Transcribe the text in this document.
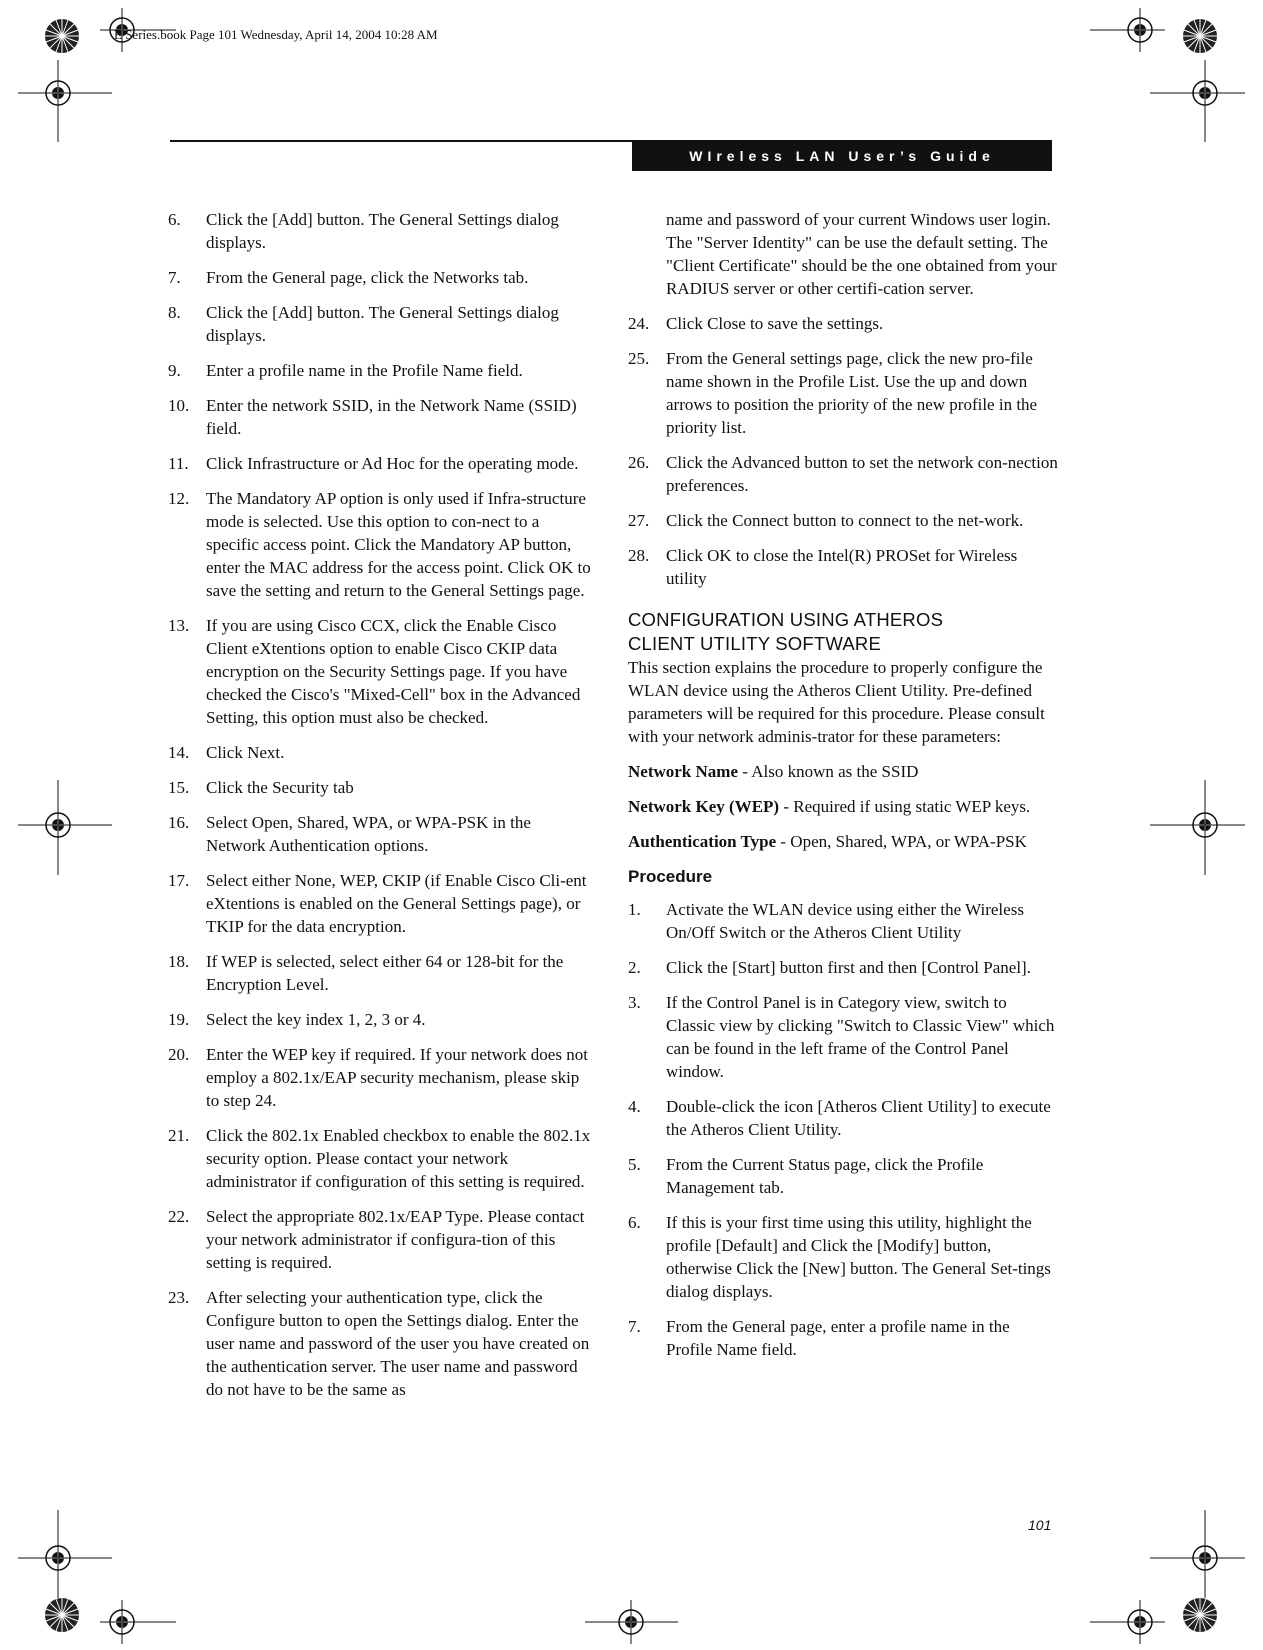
E Series.book Page 101 Wednesday, April 14, 2004 10:28 AM
WIreless LAN User’s Guide
6.	Click the [Add] button. The General Settings dialog displays.
7.	From the General page, click the Networks tab.
8.	Click the [Add] button. The General Settings dialog displays.
9.	Enter a profile name in the Profile Name field.
10. Enter the network SSID, in the Network Name (SSID) field.
11.	Click Infrastructure or Ad Hoc for the operating mode.
12. The Mandatory AP option is only used if Infra-structure mode is selected. Use this option to con-nect to a specific access point. Click the Mandatory AP button, enter the MAC address for the access point. Click OK to save the setting and return to the General Settings page.
13. If you are using Cisco CCX, click the Enable Cisco Client eXtentions option to enable Cisco CKIP data encryption on the Security Settings page. If you have checked the Cisco's "Mixed-Cell" box in the Advanced Setting, this option must also be checked.
14. Click Next.
15. Click the Security tab
16. Select Open, Shared, WPA, or WPA-PSK in the Network Authentication options.
17. Select either None, WEP, CKIP (if Enable Cisco Cli-ent eXtentions is enabled on the General Settings page), or TKIP for the data encryption.
18. If WEP is selected, select either 64 or 128-bit for the Encryption Level.
19. Select the key index 1, 2, 3 or 4.
20. Enter the WEP key if required. If your network does not employ a 802.1x/EAP security mechanism, please skip to step 24.
21. Click the 802.1x Enabled checkbox to enable the 802.1x security option. Please contact your network administrator if configuration of this setting is required.
22. Select the appropriate 802.1x/EAP Type. Please contact your network administrator if configura-tion of this setting is required.
23. After selecting your authentication type, click the Configure button to open the Settings dialog. Enter the user name and password of the user you have created on the authentication server. The user name and password do not have to be the same as
name and password of your current Windows user login. The "Server Identity" can be use the default setting. The "Client Certificate" should be the one obtained from your RADIUS server or other certifi-cation server.
24. Click Close to save the settings.
25. From the General settings page, click the new pro-file name shown in the Profile List. Use the up and down arrows to position the priority of the new profile in the priority list.
26. Click the Advanced button to set the network con-nection preferences.
27. Click the Connect button to connect to the net-work.
28. Click OK to close the Intel(R) PROSet for Wireless utility
CONFIGURATION USING ATHEROS
CLIENT UTILITY SOFTWARE
This section explains the procedure to properly configure the WLAN device using the Atheros Client Utility. Pre-defined parameters will be required for this procedure. Please consult with your network adminis-trator for these parameters:
Network Name - Also known as the SSID
Network Key (WEP) - Required if using static WEP keys.
Authentication Type - Open, Shared, WPA, or WPA-PSK
Procedure
1.	Activate the WLAN device using either the Wireless On/Off Switch or the Atheros Client Utility
2.	Click the [Start] button first and then [Control Panel].
3.	If the Control Panel is in Category view, switch to Classic view by clicking "Switch to Classic View" which can be found in the left frame of the Control Panel window.
4.	Double-click the icon [Atheros Client Utility] to execute the Atheros Client Utility.
5.	From the Current Status page, click the Profile Management tab.
6.	If this is your first time using this utility, highlight the profile [Default] and Click the [Modify] button, otherwise Click the [New] button. The General Set-tings dialog displays.
7.	From the General page, enter a profile name in the Profile Name field.
101
